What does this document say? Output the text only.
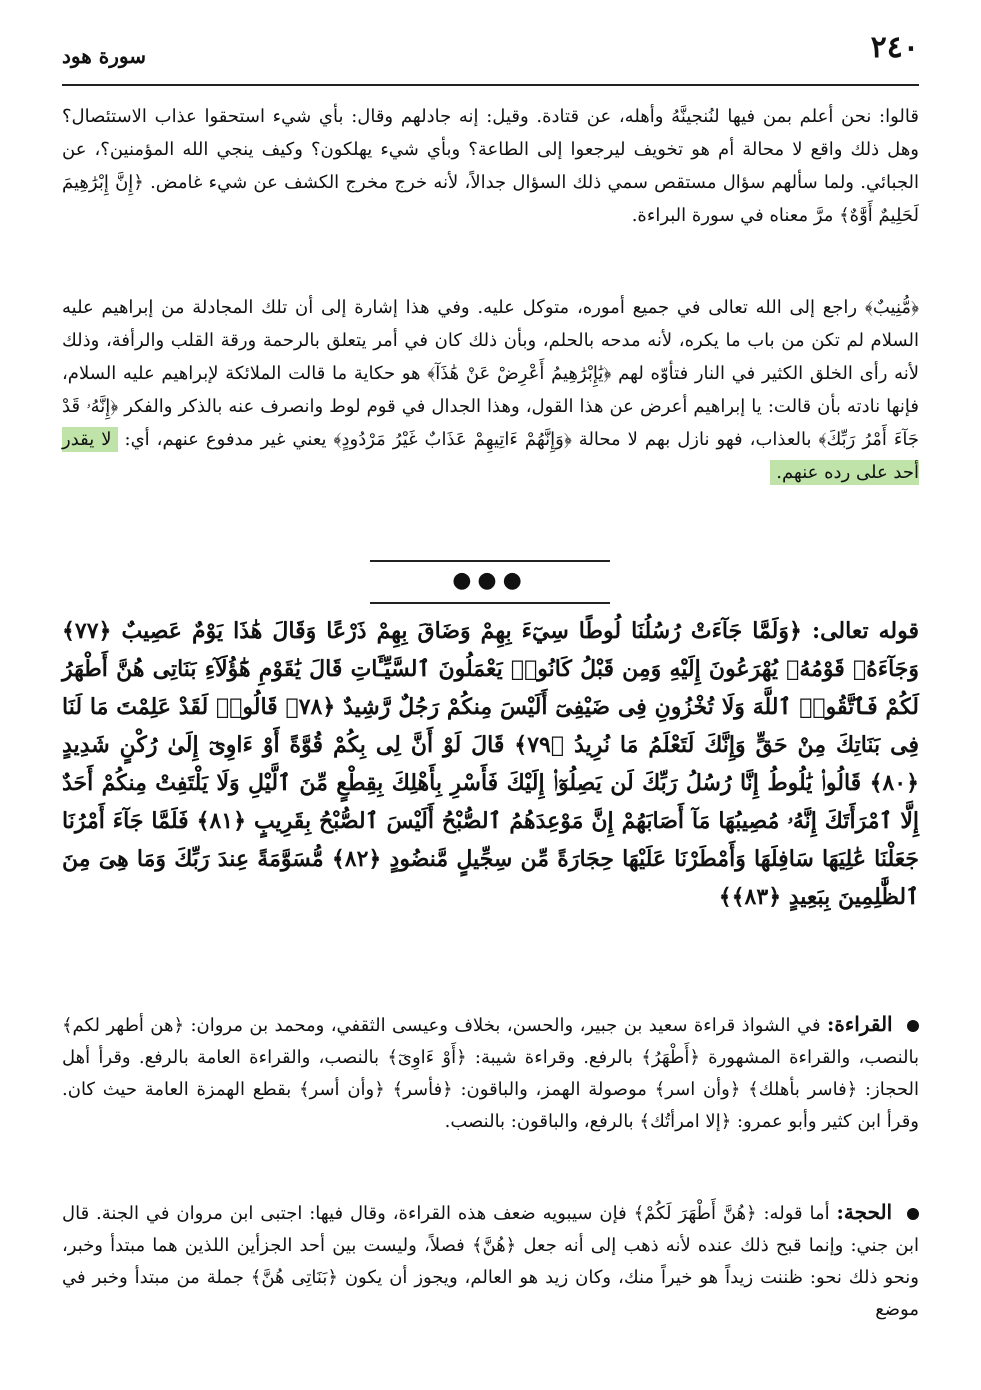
٢٤٠
سورة هود

قالوا: نحن أعلم بمن فيها لنُنجينَّهُ وأهله، عن قتادة. وقيل: إنه جادلهم وقال: بأي شيء استحقوا عذاب الاستئصال؟ وهل ذلك واقع لا محالة أم هو تخويف ليرجعوا إلى الطاعة؟ وبأي شيء يهلكون؟ وكيف ينجي الله المؤمنين؟، عن الجبائي. ولما سألهم سؤال مستقص سمي ذلك السؤال جدالاً، لأنه خرج مخرج الكشف عن شيء غامض. ﴿إِنَّ إِبْرَٰهِيمَ لَحَلِيمٌ أَوَّٰهٌ﴾ مرَّ معناه في سورة البراءة.

﴿مُّنِيبٌ﴾ راجع إلى الله تعالى في جميع أموره، متوكل عليه. وفي هذا إشارة إلى أن تلك المجادلة من إبراهيم عليه السلام لم تكن من باب ما يكره، لأنه مدحه بالحلم، وبأن ذلك كان في أمر يتعلق بالرحمة ورقة القلب والرأفة، وذلك لأنه رأى الخلق الكثير في النار فتأوّه لهم ﴿يَٰإِبْرَٰهِيمُ أَعْرِضْ عَنْ هَٰذَآ﴾ هو حكاية ما قالت الملائكة لإبراهيم عليه السلام، فإنها نادته بأن قالت: يا إبراهيم أعرض عن هذا القول، وهذا الجدال في قوم لوط وانصرف عنه بالذكر والفكر ﴿إِنَّهُۥ قَدْ جَآءَ أَمْرُ رَبِّكَ﴾ بالعذاب، فهو نازل بهم لا محالة ﴿وَإِنَّهُمْ ءَاتِيهِمْ عَذَابٌ غَيْرُ مَرْدُودٍ﴾ يعني غير مدفوع عنهم، أي: لا يقدر أحد على رده عنهم.

●●●
قوله تعالى: ﴿وَلَمَّا جَآءَتْ رُسُلُنَا لُوطًا سِيٓءَ بِهِمْ وَضَاقَ بِهِمْ ذَرْعًا وَقَالَ هَٰذَا يَوْمٌ عَصِيبٌ ﴿٧٧﴾ وَجَآءَهُۥ قَوْمُهُۥ يُهْرَعُونَ إِلَيْهِ وَمِن قَبْلُ كَانُوا۟ يَعْمَلُونَ ٱلسَّيِّـَٔاتِ قَالَ يَٰقَوْمِ هَٰٓؤُلَآءِ بَنَاتِى هُنَّ أَطْهَرُ لَكُمْ فَٱتَّقُوا۟ ٱللَّهَ وَلَا تُخْزُونِ فِى ضَيْفِىٓ أَلَيْسَ مِنكُمْ رَجُلٌ رَّشِيدٌ ﴿٧٨﴾ قَالُوا۟ لَقَدْ عَلِمْتَ مَا لَنَا فِى بَنَاتِكَ مِنْ حَقٍّ وَإِنَّكَ لَتَعْلَمُ مَا نُرِيدُ ﴿٧٩﴾ قَالَ لَوْ أَنَّ لِى بِكُمْ قُوَّةً أَوْ ءَاوِىٓ إِلَىٰ رُكْنٍ شَدِيدٍ ﴿٨٠﴾ قَالُوا۟ يَٰلُوطُ إِنَّا رُسُلُ رَبِّكَ لَن يَصِلُوٓا۟ إِلَيْكَ فَأَسْرِ بِأَهْلِكَ بِقِطْعٍ مِّنَ ٱلَّيْلِ وَلَا يَلْتَفِتْ مِنكُمْ أَحَدٌ إِلَّا ٱمْرَأَتَكَ إِنَّهُۥ مُصِيبُهَا مَآ أَصَابَهُمْ إِنَّ مَوْعِدَهُمُ ٱلصُّبْحُ أَلَيْسَ ٱلصُّبْحُ بِقَرِيبٍ ﴿٨١﴾ فَلَمَّا جَآءَ أَمْرُنَا جَعَلْنَا عَٰلِيَهَا سَافِلَهَا وَأَمْطَرْنَا عَلَيْهَا حِجَارَةً مِّن سِجِّيلٍ مَّنضُودٍ ﴿٨٢﴾ مُّسَوَّمَةً عِندَ رَبِّكَ وَمَا هِىَ مِنَ ٱلظَّٰلِمِينَ بِبَعِيدٍ ﴿٨٣﴾﴾
القراءة: في الشواذ قراءة سعيد بن جبير، والحسن، بخلاف وعيسى الثقفي، ومحمد بن مروان: ﴿هن أطهر لكم﴾ بالنصب، والقراءة المشهورة ﴿أَطْهَرُ﴾ بالرفع. وقراءة شيبة: ﴿أَوْ ءَاوِىٓ﴾ بالنصب، والقراءة العامة بالرفع. وقرأ أهل الحجاز: ﴿فاسر بأهلك﴾ ﴿وأن اسر﴾ موصولة الهمز، والباقون: ﴿فأسر﴾ ﴿وأن أسر﴾ بقطع الهمزة العامة حيث كان. وقرأ ابن كثير وأبو عمرو: ﴿إلا امرأتُك﴾ بالرفع، والباقون: بالنصب.
الحجة: أما قوله: ﴿هُنَّ أَطْهَرَ لَكُمْ﴾ فإن سيبويه ضعف هذه القراءة، وقال فيها: اجتبى ابن مروان في الجنة. قال ابن جني: وإنما قبح ذلك عنده لأنه ذهب إلى أنه جعل ﴿هُنَّ﴾ فصلاً، وليست بين أحد الجزأين اللذين هما مبتدأ وخبر، ونحو ذلك نحو: ظننت زيداً هو خيراً منك، وكان زيد هو العالم، ويجوز أن يكون ﴿بَنَاتِى هُنَّ﴾ جملة من مبتدأ وخبر في موضع
